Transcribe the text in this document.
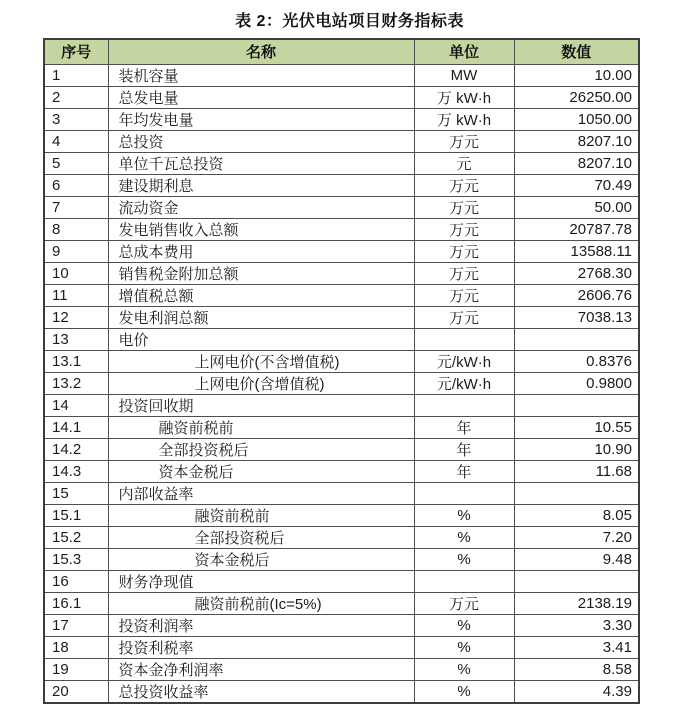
表 2：光伏电站项目财务指标表
序号	名称	单位	数值
1	装机容量	MW	10.00
2	总发电量	万 kW·h	26250.00
3	年均发电量	万 kW·h	1050.00
4	总投资	万元	8207.10
5	单位千瓦总投资	元	8207.10
6	建设期利息	万元	70.49
7	流动资金	万元	50.00
8	发电销售收入总额	万元	20787.78
9	总成本费用	万元	13588.11
10	销售税金附加总额	万元	2768.30
11	增值税总额	万元	2606.76
12	发电利润总额	万元	7038.13
13	电价		
13.1	上网电价(不含增值税)	元/kW·h	0.8376
13.2	上网电价(含增值税)	元/kW·h	0.9800
14	投资回收期		
14.1	融资前税前	年	10.55
14.2	全部投资税后	年	10.90
14.3	资本金税后	年	11.68
15	内部收益率		
15.1	融资前税前	%	8.05
15.2	全部投资税后	%	7.20
15.3	资本金税后	%	9.48
16	财务净现值		
16.1	融资前税前(Ic=5%)	万元	2138.19
17	投资利润率	%	3.30
18	投资利税率	%	3.41
19	资本金净利润率	%	8.58
20	总投资收益率	%	4.39
